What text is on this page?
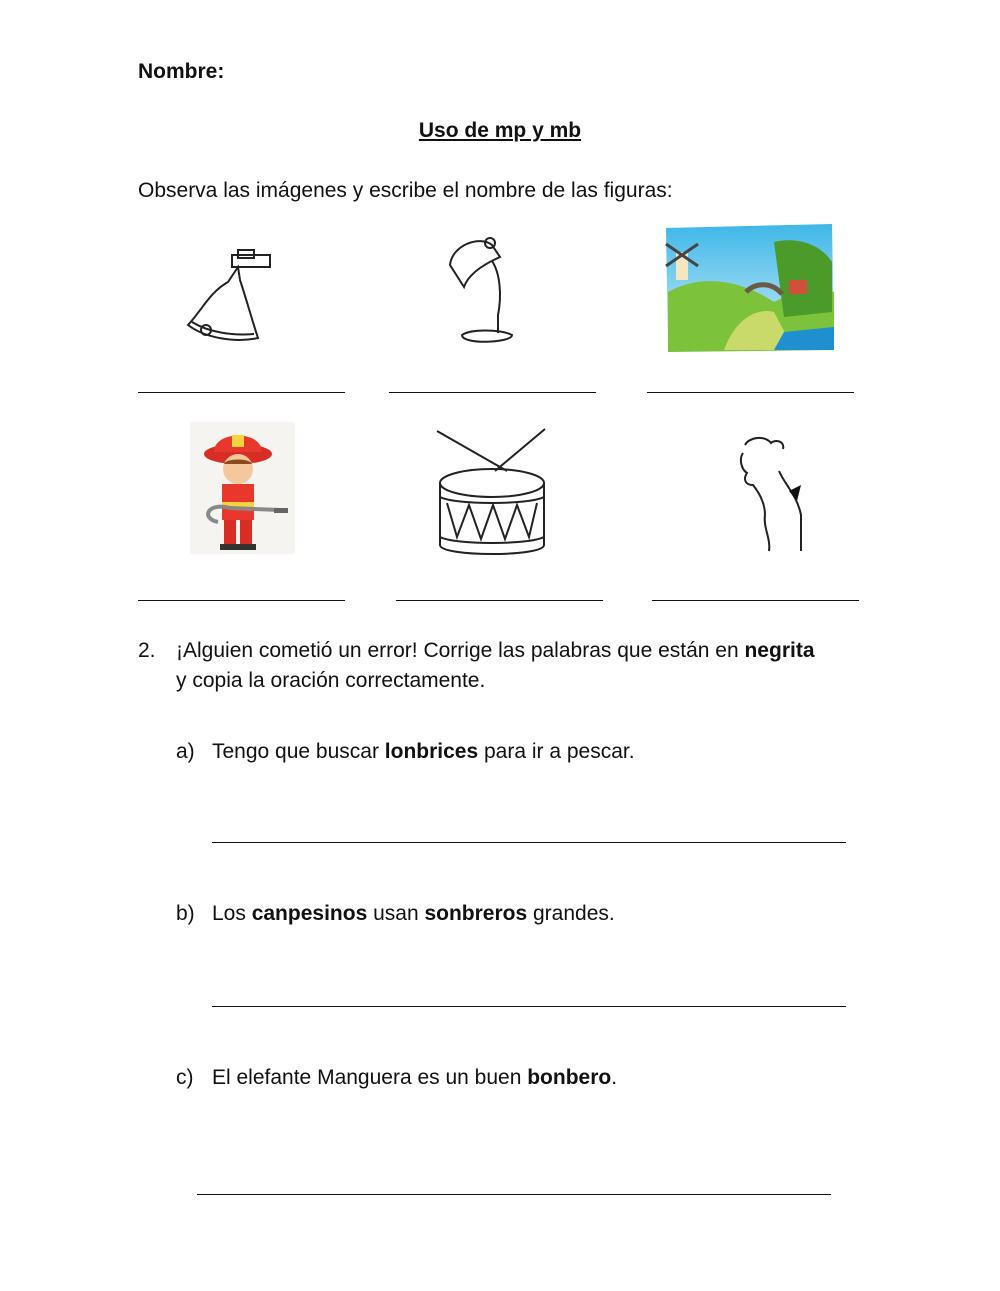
Nombre:
Uso de mp y mb
Observa las imágenes y escribe el nombre de las figuras:
2. ¡Alguien cometió un error! Corrige las palabras que están en negrita
y copia la oración correctamente.
a) Tengo que buscar lonbrices para ir a pescar.
b) Los canpesinos usan sonbreros grandes.
c) El elefante Manguera es un buen bonbero.
